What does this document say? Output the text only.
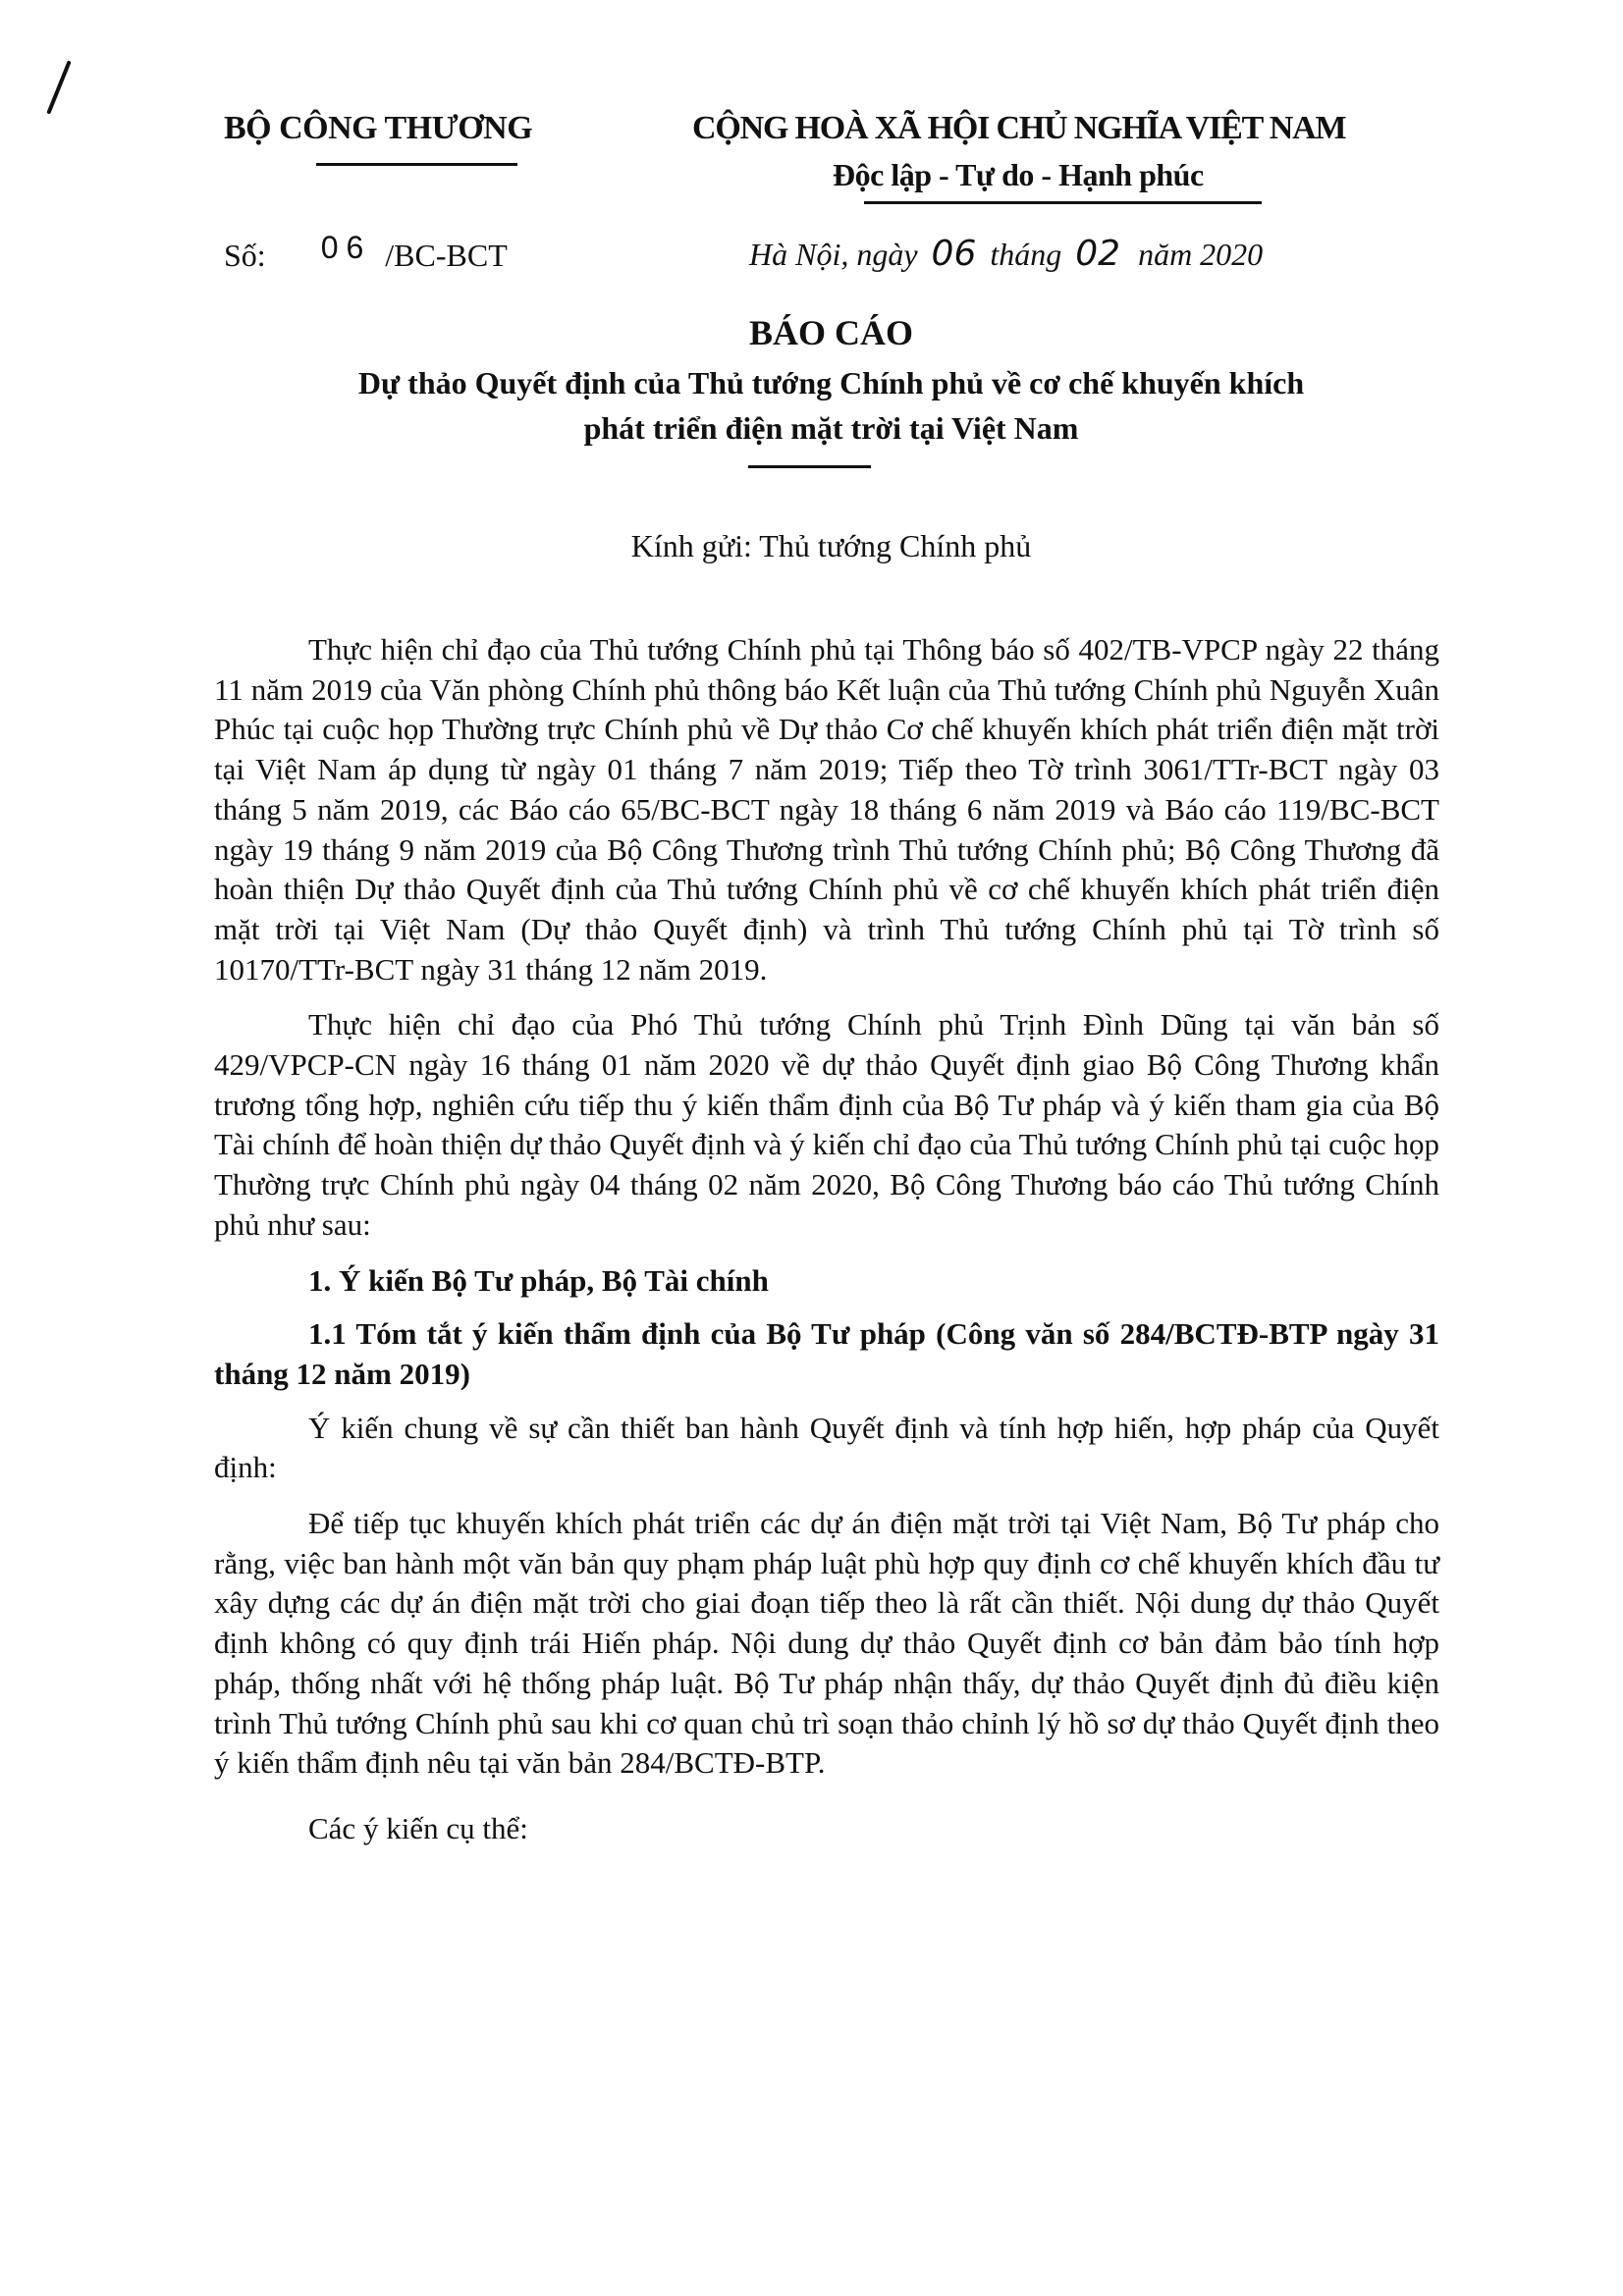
BỘ CÔNG THƯƠNG	CỘNG HOÀ XÃ HỘI CHỦ NGHĨA VIỆT NAM
Độc lập - Tự do - Hạnh phúc
Số: 06 /BC-BCT	Hà Nội, ngày 06 tháng 02 năm 2020
BÁO CÁO
Dự thảo Quyết định của Thủ tướng Chính phủ về cơ chế khuyến khích
phát triển điện mặt trời tại Việt Nam
Kính gửi: Thủ tướng Chính phủ

Thực hiện chỉ đạo của Thủ tướng Chính phủ tại Thông báo số 402/TB-VPCP ngày 22 tháng 11 năm 2019 của Văn phòng Chính phủ thông báo Kết luận của Thủ tướng Chính phủ Nguyễn Xuân Phúc tại cuộc họp Thường trực Chính phủ về Dự thảo Cơ chế khuyến khích phát triển điện mặt trời tại Việt Nam áp dụng từ ngày 01 tháng 7 năm 2019; Tiếp theo Tờ trình 3061/TTr-BCT ngày 03 tháng 5 năm 2019, các Báo cáo 65/BC-BCT ngày 18 tháng 6 năm 2019 và Báo cáo 119/BC-BCT ngày 19 tháng 9 năm 2019 của Bộ Công Thương trình Thủ tướng Chính phủ; Bộ Công Thương đã hoàn thiện Dự thảo Quyết định của Thủ tướng Chính phủ về cơ chế khuyến khích phát triển điện mặt trời tại Việt Nam (Dự thảo Quyết định) và trình Thủ tướng Chính phủ tại Tờ trình số 10170/TTr-BCT ngày 31 tháng 12 năm 2019.

Thực hiện chỉ đạo của Phó Thủ tướng Chính phủ Trịnh Đình Dũng tại văn bản số 429/VPCP-CN ngày 16 tháng 01 năm 2020 về dự thảo Quyết định giao Bộ Công Thương khẩn trương tổng hợp, nghiên cứu tiếp thu ý kiến thẩm định của Bộ Tư pháp và ý kiến tham gia của Bộ Tài chính để hoàn thiện dự thảo Quyết định và ý kiến chỉ đạo của Thủ tướng Chính phủ tại cuộc họp Thường trực Chính phủ ngày 04 tháng 02 năm 2020, Bộ Công Thương báo cáo Thủ tướng Chính phủ như sau:

1. Ý kiến Bộ Tư pháp, Bộ Tài chính

1.1 Tóm tắt ý kiến thẩm định của Bộ Tư pháp (Công văn số 284/BCTĐ-BTP ngày 31 tháng 12 năm 2019)

Ý kiến chung về sự cần thiết ban hành Quyết định và tính hợp hiến, hợp pháp của Quyết định:

Để tiếp tục khuyến khích phát triển các dự án điện mặt trời tại Việt Nam, Bộ Tư pháp cho rằng, việc ban hành một văn bản quy phạm pháp luật phù hợp quy định cơ chế khuyến khích đầu tư xây dựng các dự án điện mặt trời cho giai đoạn tiếp theo là rất cần thiết. Nội dung dự thảo Quyết định không có quy định trái Hiến pháp. Nội dung dự thảo Quyết định cơ bản đảm bảo tính hợp pháp, thống nhất với hệ thống pháp luật. Bộ Tư pháp nhận thấy, dự thảo Quyết định đủ điều kiện trình Thủ tướng Chính phủ sau khi cơ quan chủ trì soạn thảo chỉnh lý hồ sơ dự thảo Quyết định theo ý kiến thẩm định nêu tại văn bản 284/BCTĐ-BTP.

Các ý kiến cụ thể:
